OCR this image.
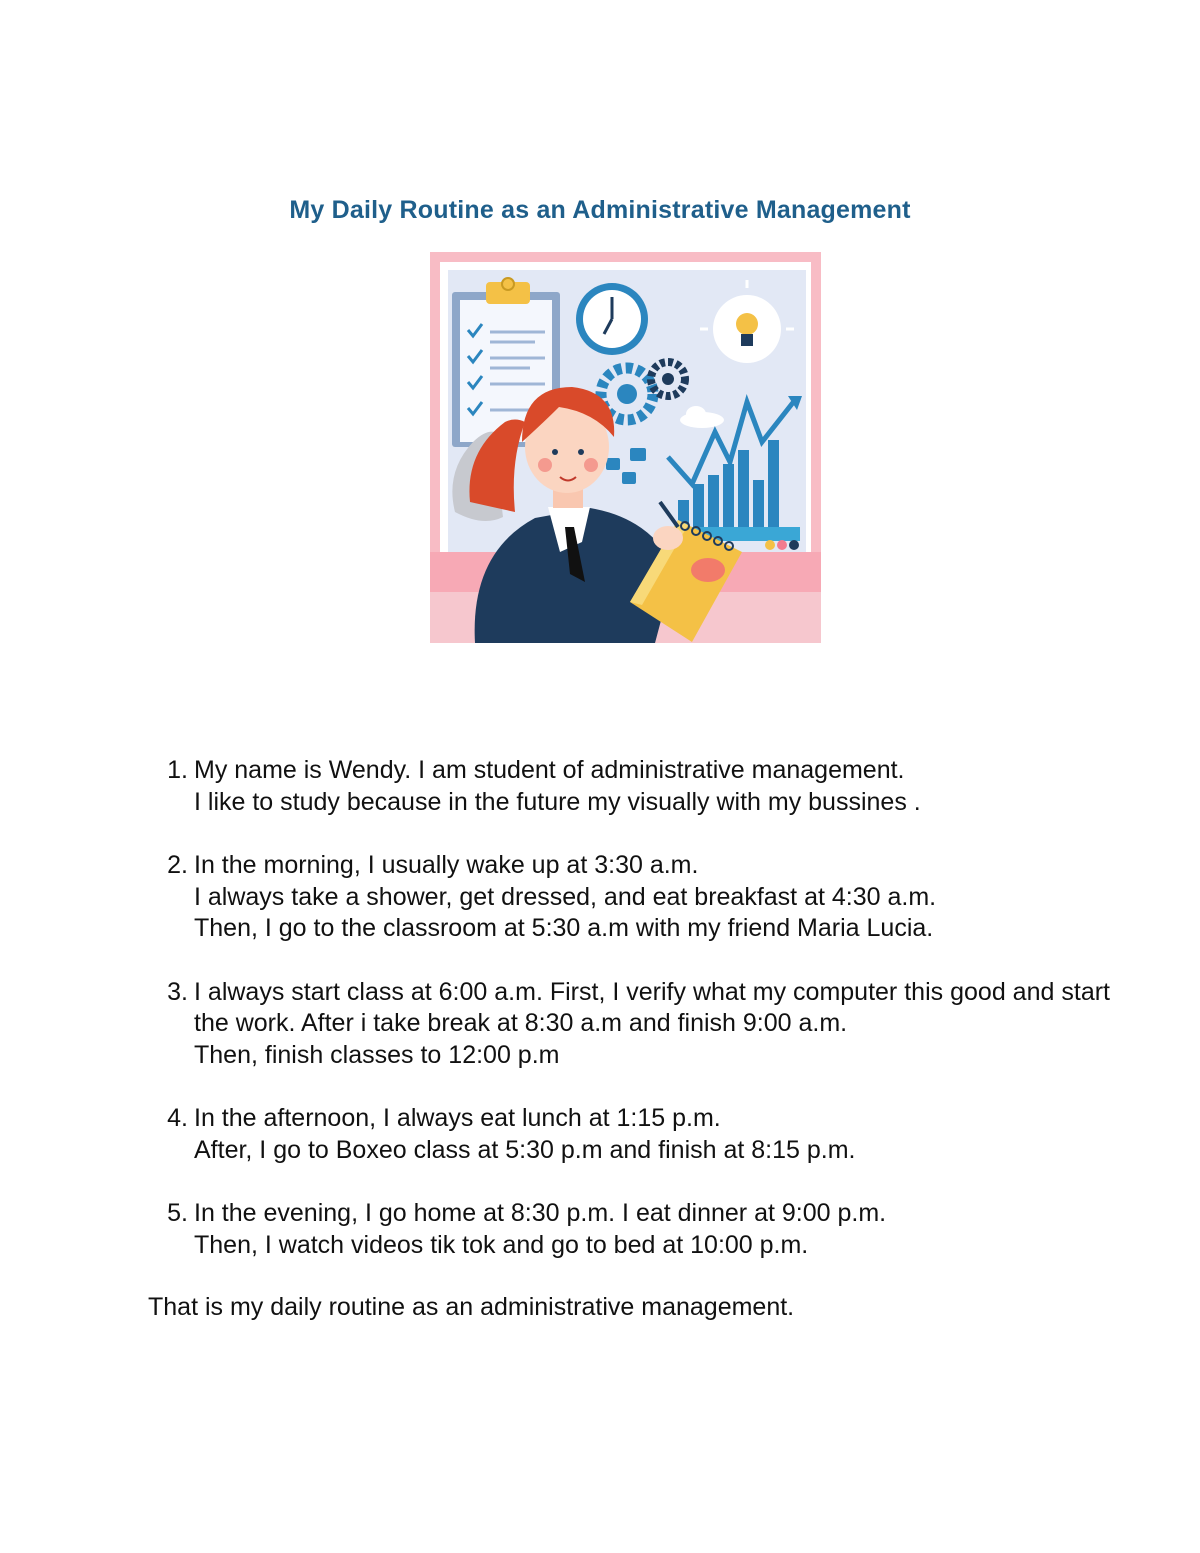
My Daily Routine as an Administrative Management
1. My name is Wendy. I am student of administrative management.
I like to study because in the future my visually with my bussines .
2. In the morning, I usually wake up at 3:30 a.m.
I always take a shower, get dressed, and eat breakfast at 4:30 a.m.
Then, I go to the classroom at 5:30 a.m with my friend Maria Lucia.
3. I always start class at 6:00 a.m. First, I verify what my computer this good and start the work. After i take break at 8:30 a.m and finish 9:00 a.m.
Then, finish classes to 12:00 p.m
4. In the afternoon, I always eat lunch at 1:15 p.m.
After, I go to Boxeo class at 5:30 p.m and finish at 8:15 p.m.
5. In the evening, I go home at 8:30 p.m. I eat dinner at 9:00 p.m.
Then, I watch videos tik tok and go to bed at 10:00 p.m.
That is my daily routine as an administrative management.
